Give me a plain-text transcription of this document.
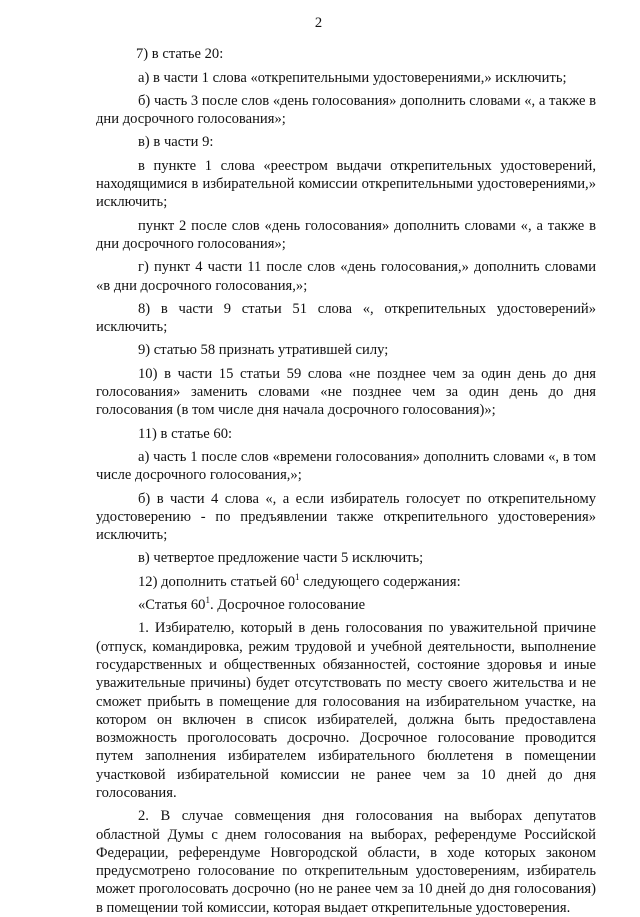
2

7) в статье 20:

а) в части 1 слова «открепительными удостоверениями,» исключить;

б) часть 3 после слов «день голосования» дополнить словами «, а также в дни досрочного голосования»;

в) в части 9:

в пункте 1 слова «реестром выдачи открепительных удостоверений, находящимися в избирательной комиссии открепительными удостоверениями,» исключить;

пункт 2 после слов «день голосования» дополнить словами «, а также в дни досрочного голосования»;

г) пункт 4 части 11 после слов «день голосования,» дополнить словами «в дни досрочного голосования,»;

8) в части 9 статьи 51 слова «, открепительных удостоверений» исключить;

9) статью 58 признать утратившей силу;

10) в части 15 статьи 59 слова «не позднее чем за один день до дня голосования» заменить словами «не позднее чем за один день до дня голосования (в том числе дня начала досрочного голосования)»;

11) в статье 60:

а) часть 1 после слов «времени голосования» дополнить словами «, в том числе досрочного голосования,»;

б) в части 4 слова «, а если избиратель голосует по открепительному удостоверению - по предъявлении также открепительного удостоверения» исключить;

в) четвертое предложение части 5 исключить;

12) дополнить статьей $60^1$ следующего содержания:

«Статья $60^1$. Досрочное голосование

1. Избирателю, который в день голосования по уважительной причине (отпуск, командировка, режим трудовой и учебной деятельности, выполнение государственных и общественных обязанностей, состояние здоровья и иные уважительные причины) будет отсутствовать по месту своего жительства и не сможет прибыть в помещение для голосования на избирательном участке, на котором он включен в список избирателей, должна быть предоставлена возможность проголосовать досрочно. Досрочное голосование проводится путем заполнения избирателем избирательного бюллетеня в помещении участковой избирательной комиссии не ранее чем за 10 дней до дня голосования.

2. В случае совмещения дня голосования на выборах депутатов областной Думы с днем голосования на выборах, референдуме Российской Федерации, референдуме Новгородской области, в ходе которых законом предусмотрено голосование по открепительным удостоверениям, избиратель может проголосовать досрочно (но не ранее чем за 10 дней до дня голосования) в помещении той комиссии, которая выдает открепительные удостоверения.
